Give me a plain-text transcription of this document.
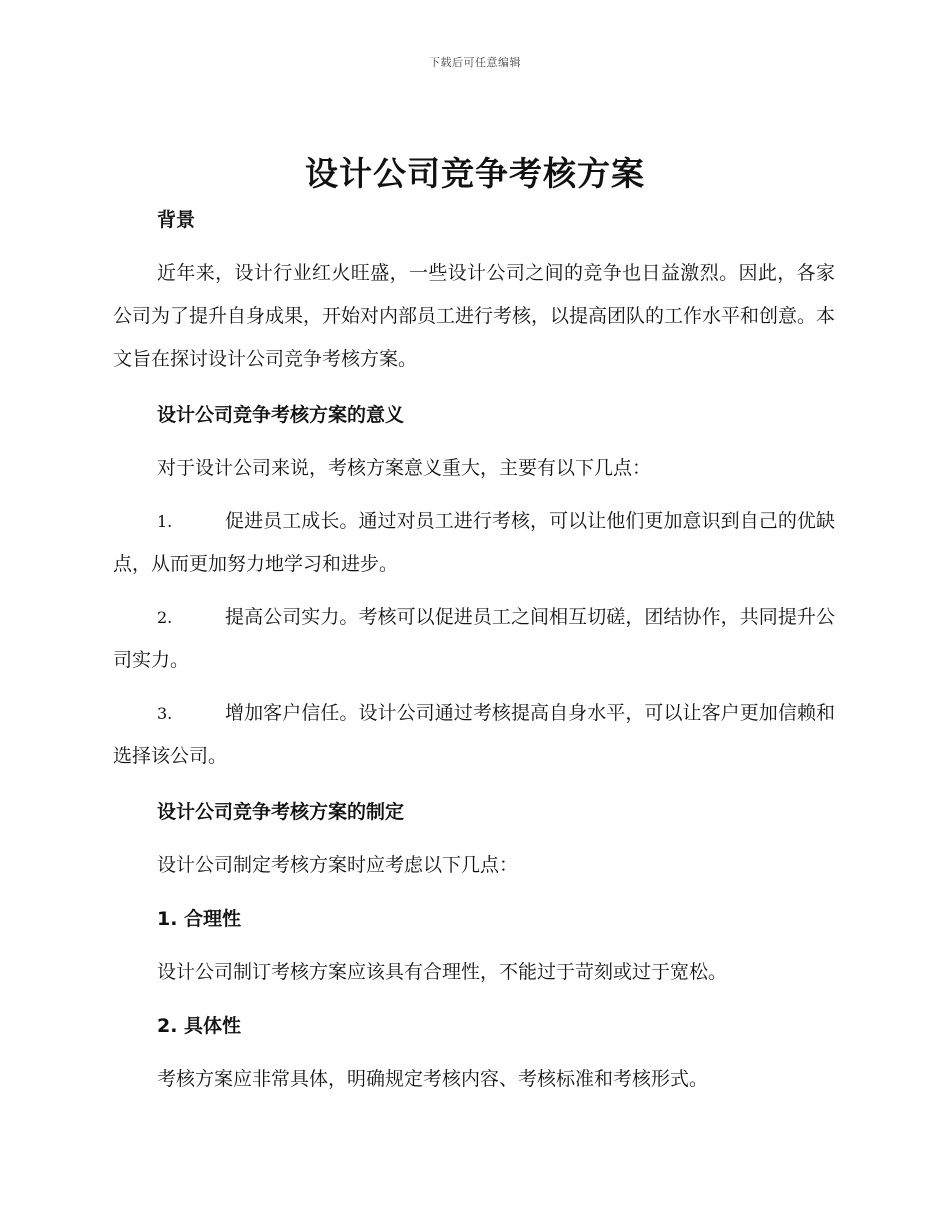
下载后可任意编辑
设计公司竞争考核方案

背景

近年来，设计行业红火旺盛，一些设计公司之间的竞争也日益激烈。因此，各家公司为了提升自身成果，开始对内部员工进行考核，以提高团队的工作水平和创意。本文旨在探讨设计公司竞争考核方案。

设计公司竞争考核方案的意义

对于设计公司来说，考核方案意义重大，主要有以下几点：

1.	促进员工成长。通过对员工进行考核，可以让他们更加意识到自己的优缺点，从而更加努力地学习和进步。

2.	提高公司实力。考核可以促进员工之间相互切磋，团结协作，共同提升公司实力。

3.	增加客户信任。设计公司通过考核提高自身水平，可以让客户更加信赖和选择该公司。

设计公司竞争考核方案的制定

设计公司制定考核方案时应考虑以下几点：

1. 合理性

设计公司制订考核方案应该具有合理性，不能过于苛刻或过于宽松。

2. 具体性

考核方案应非常具体，明确规定考核内容、考核标准和考核形式。
